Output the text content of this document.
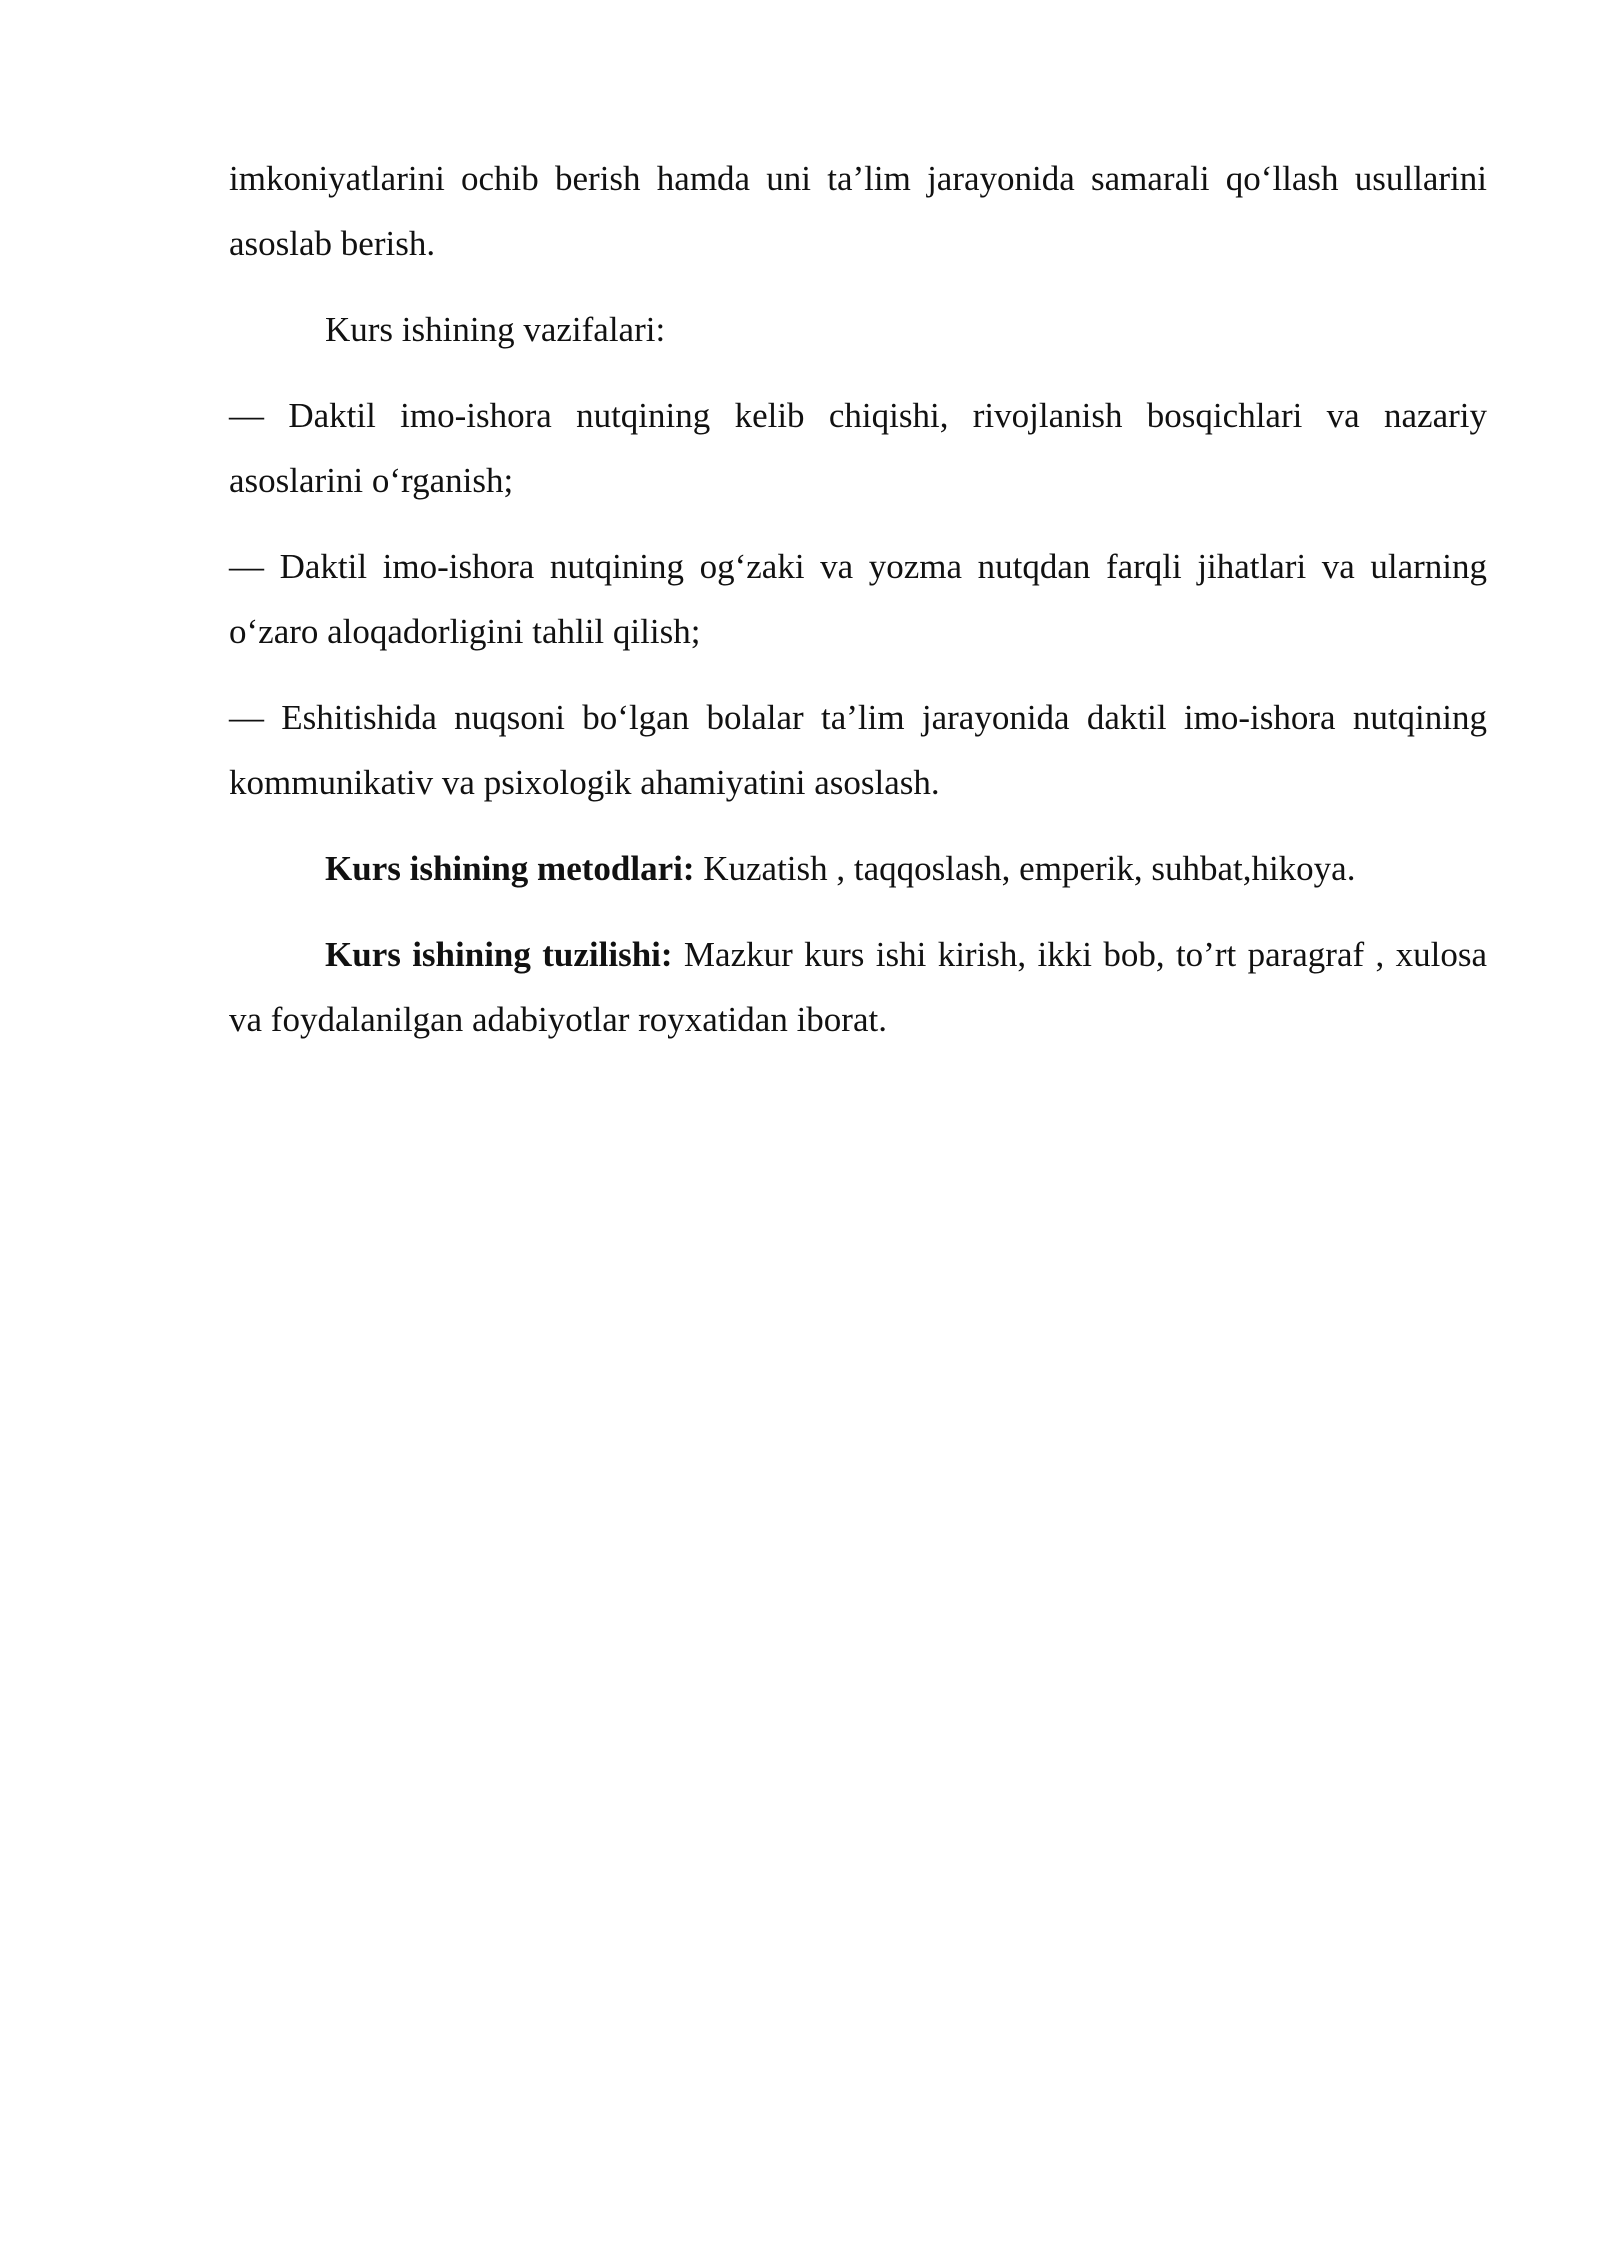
imkoniyatlarini ochib berish hamda uni ta’lim jarayonida samarali qo‘llash usullarini asoslab berish.

Kurs ishining vazifalari:

— Daktil imo-ishora nutqining kelib chiqishi, rivojlanish bosqichlari va nazariy asoslarini o‘rganish;

— Daktil imo-ishora nutqining og‘zaki va yozma nutqdan farqli jihatlari va ularning o‘zaro aloqadorligini tahlil qilish;

— Eshitishida nuqsoni bo‘lgan bolalar ta’lim jarayonida daktil imo-ishora nutqining kommunikativ va psixologik ahamiyatini asoslash.

Kurs ishining metodlari: Kuzatish , taqqoslash, emperik, suhbat,hikoya.

Kurs ishining tuzilishi: Mazkur kurs ishi kirish, ikki bob, to’rt paragraf , xulosa va foydalanilgan adabiyotlar royxatidan iborat.
